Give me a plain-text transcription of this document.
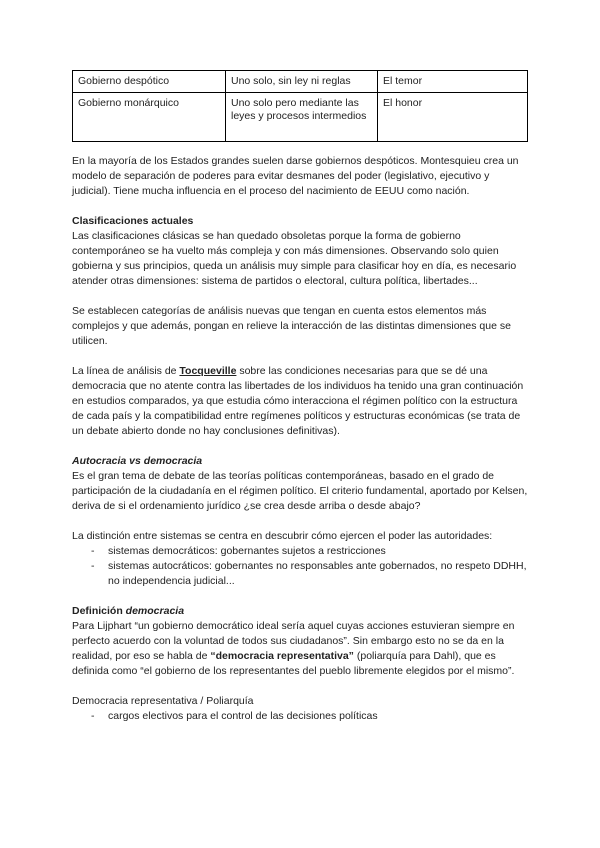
Gobierno despótico	Uno solo, sin ley ni reglas	El temor
Gobierno monárquico	Uno solo pero mediante las leyes y procesos intermedios	El honor

En la mayoría de los Estados grandes suelen darse gobiernos despóticos. Montesquieu crea un modelo de separación de poderes para evitar desmanes del poder (legislativo, ejecutivo y judicial). Tiene mucha influencia en el proceso del nacimiento de EEUU como nación.

Clasificaciones actuales

Las clasificaciones clásicas se han quedado obsoletas porque la forma de gobierno contemporáneo se ha vuelto más compleja y con más dimensiones. Observando solo quien gobierna y sus principios, queda un análisis muy simple para clasificar hoy en día, es necesario atender otras dimensiones: sistema de partidos o electoral, cultura política, libertades...

Se establecen categorías de análisis nuevas que tengan en cuenta estos elementos más complejos y que además, pongan en relieve la interacción de las distintas dimensiones que se utilicen.

La línea de análisis de Tocqueville sobre las condiciones necesarias para que se dé una democracia que no atente contra las libertades de los individuos ha tenido una gran continuación en estudios comparados, ya que estudia cómo interacciona el régimen político con la estructura de cada país y la compatibilidad entre regímenes políticos y estructuras económicas (se trata de un debate abierto donde no hay conclusiones definitivas).

Autocracia vs democracia

Es el gran tema de debate de las teorías políticas contemporáneas, basado en el grado de participación de la ciudadanía en el régimen político. El criterio fundamental, aportado por Kelsen, deriva de si el ordenamiento jurídico ¿se crea desde arriba o desde abajo?

La distinción entre sistemas se centra en descubrir cómo ejercen el poder las autoridades:

- sistemas democráticos: gobernantes sujetos a restricciones
- sistemas autocráticos: gobernantes no responsables ante gobernados, no respeto DDHH, no independencia judicial...
Definición democracia

Para Lijphart “un gobierno democrático ideal sería aquel cuyas acciones estuvieran siempre en perfecto acuerdo con la voluntad de todos sus ciudadanos”. Sin embargo esto no se da en la realidad, por eso se habla de “democracia representativa” (poliarquía para Dahl), que es definida como “el gobierno de los representantes del pueblo libremente elegidos por el mismo”.

Democracia representativa / Poliarquía

- cargos electivos para el control de las decisiones políticas
